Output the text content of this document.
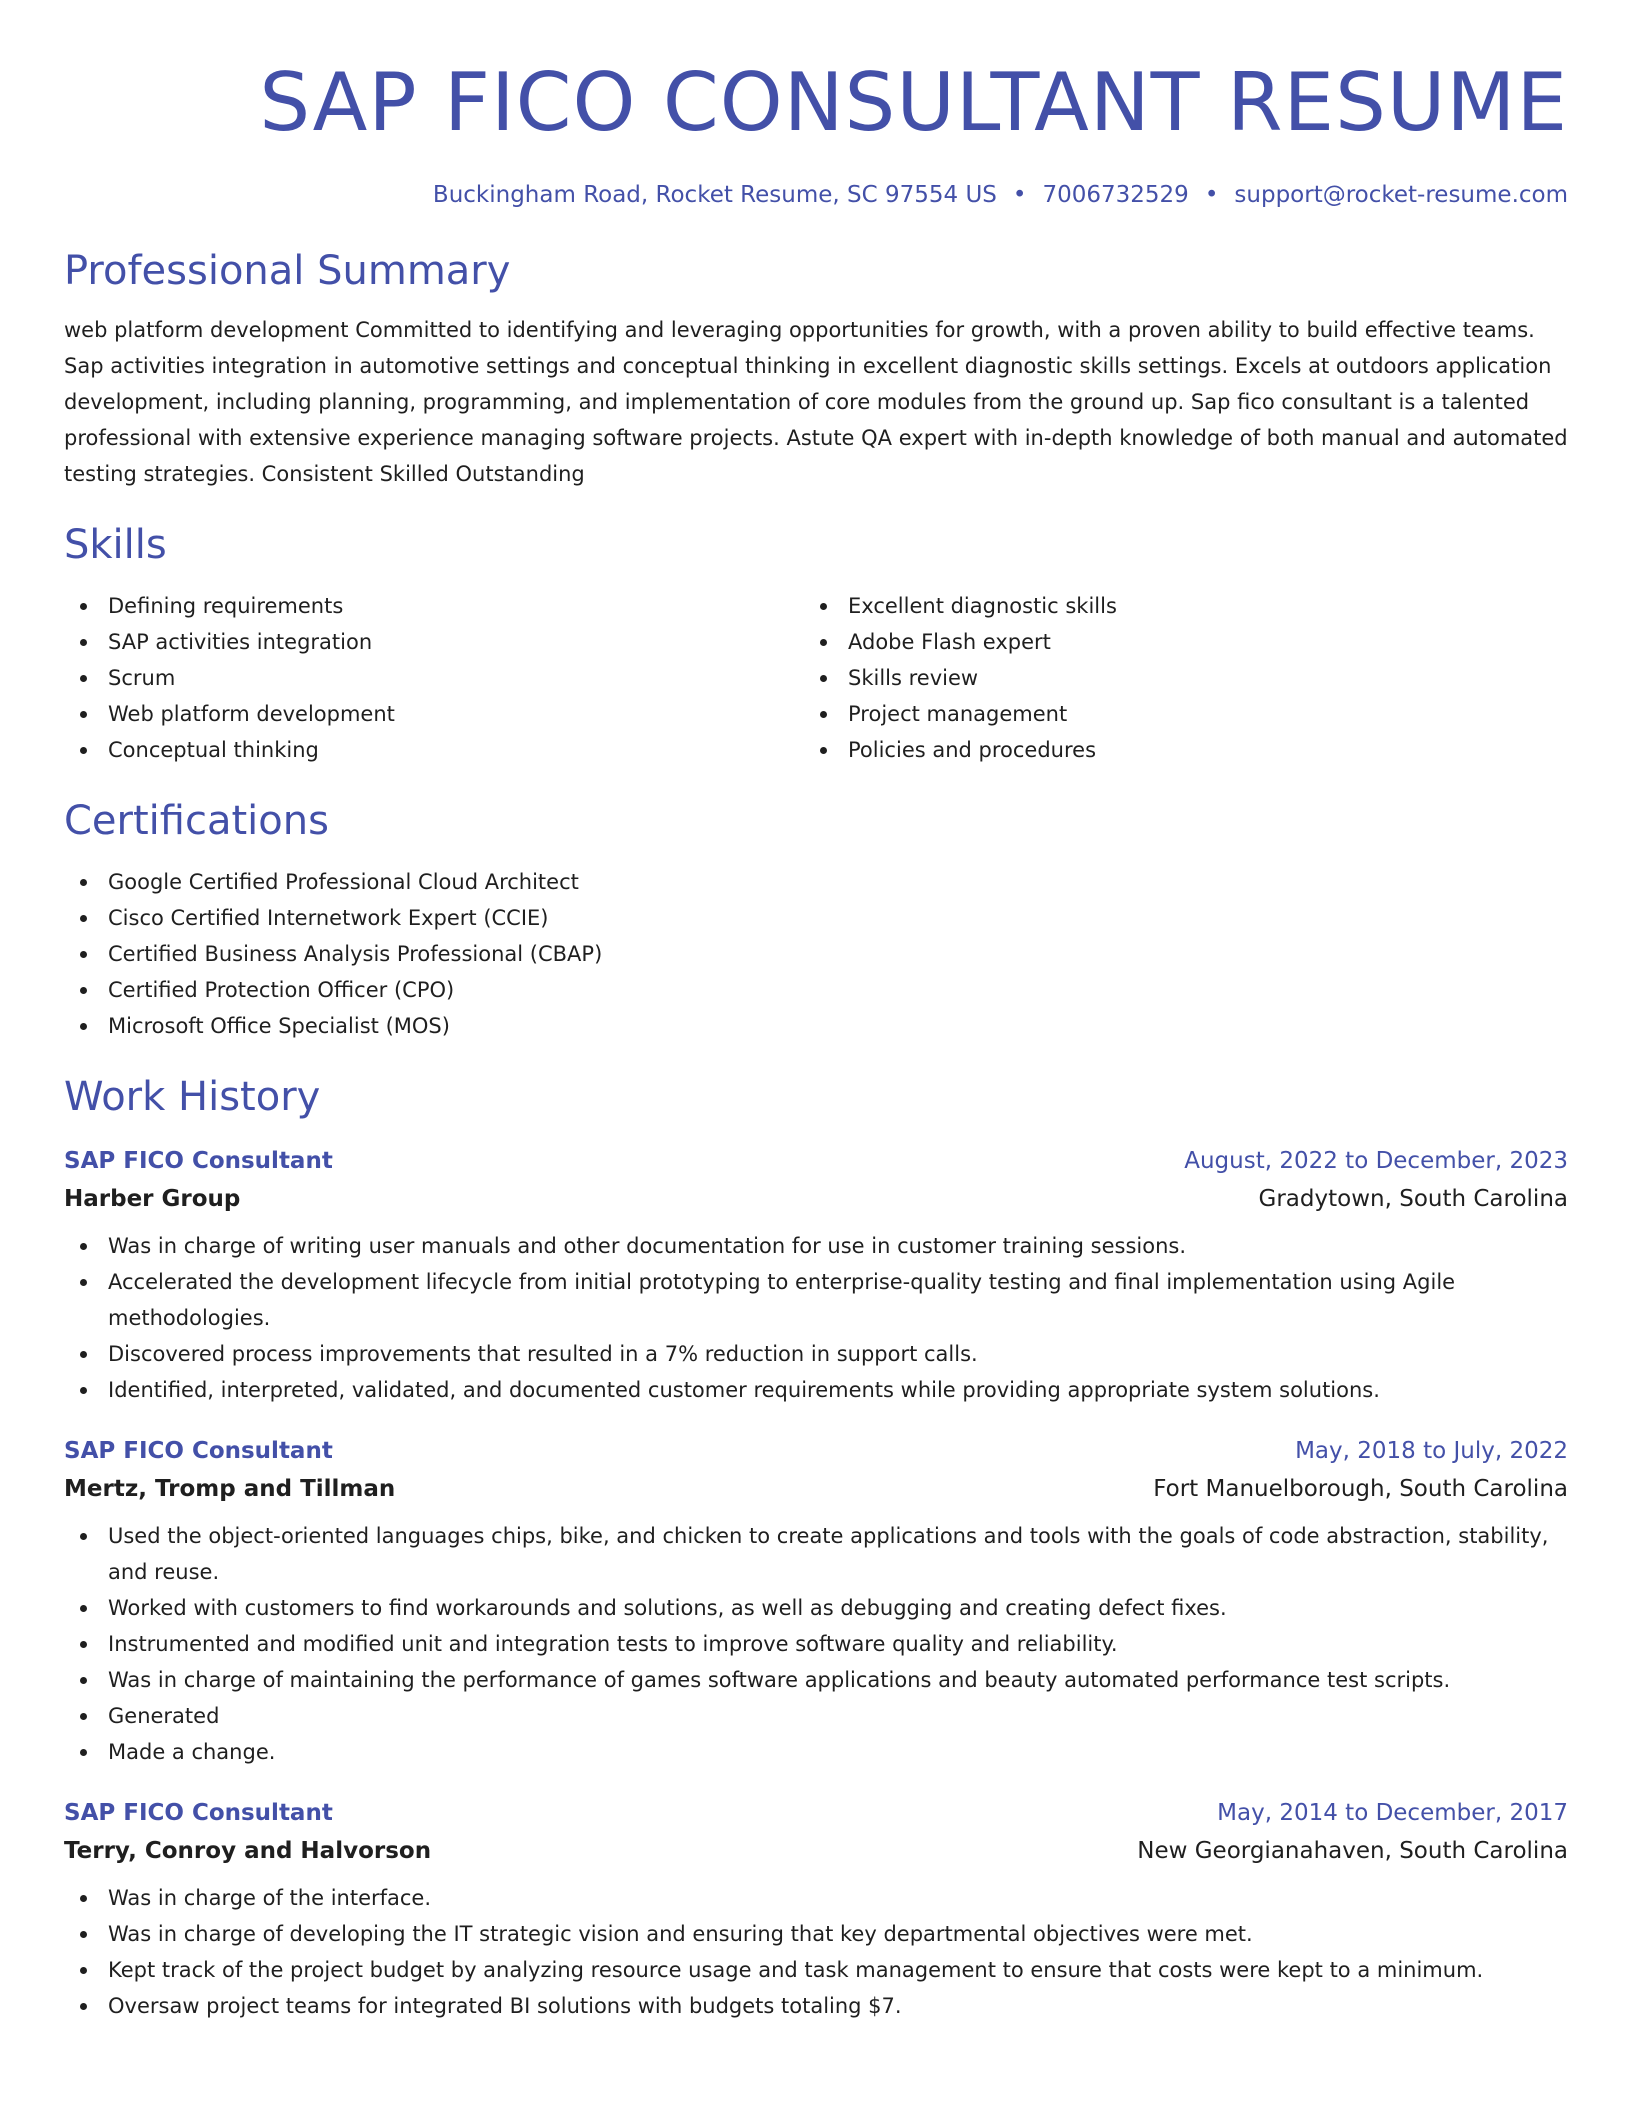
SAP FICO CONSULTANT RESUME
Buckingham Road, Rocket Resume, SC 97554 US • 7006732529 • support@rocket-resume.com
Professional Summary

web platform development Committed to identifying and leveraging opportunities for growth, with a proven ability to build effective teams. Sap activities integration in automotive settings and conceptual thinking in excellent diagnostic skills settings. Excels at outdoors application development, including planning, programming, and implementation of core modules from the ground up. Sap fico consultant is a talented professional with extensive experience managing software projects. Astute QA expert with in-depth knowledge of both manual and automated testing strategies. Consistent Skilled Outstanding

Skills
Defining requirements
SAP activities integration
Scrum
Web platform development
Conceptual thinking
Excellent diagnostic skills
Adobe Flash expert
Skills review
Project management
Policies and procedures
Certifications
Google Certified Professional Cloud Architect
Cisco Certified Internetwork Expert (CCIE)
Certified Business Analysis Professional (CBAP)
Certified Protection Officer (CPO)
Microsoft Office Specialist (MOS)
Work History
SAP FICO Consultant	August, 2022 to December, 2023
Harber Group	Gradytown, South Carolina
Was in charge of writing user manuals and other documentation for use in customer training sessions.
Accelerated the development lifecycle from initial prototyping to enterprise-quality testing and final implementation using Agile methodologies.
Discovered process improvements that resulted in a 7% reduction in support calls.
Identified, interpreted, validated, and documented customer requirements while providing appropriate system solutions.
SAP FICO Consultant	May, 2018 to July, 2022
Mertz, Tromp and Tillman	Fort Manuelborough, South Carolina
Used the object-oriented languages chips, bike, and chicken to create applications and tools with the goals of code abstraction, stability, and reuse.
Worked with customers to find workarounds and solutions, as well as debugging and creating defect fixes.
Instrumented and modified unit and integration tests to improve software quality and reliability.
Was in charge of maintaining the performance of games software applications and beauty automated performance test scripts.
Generated
Made a change.
SAP FICO Consultant	May, 2014 to December, 2017
Terry, Conroy and Halvorson	New Georgianahaven, South Carolina
Was in charge of the interface.
Was in charge of developing the IT strategic vision and ensuring that key departmental objectives were met.
Kept track of the project budget by analyzing resource usage and task management to ensure that costs were kept to a minimum.
Oversaw project teams for integrated BI solutions with budgets totaling $7.
